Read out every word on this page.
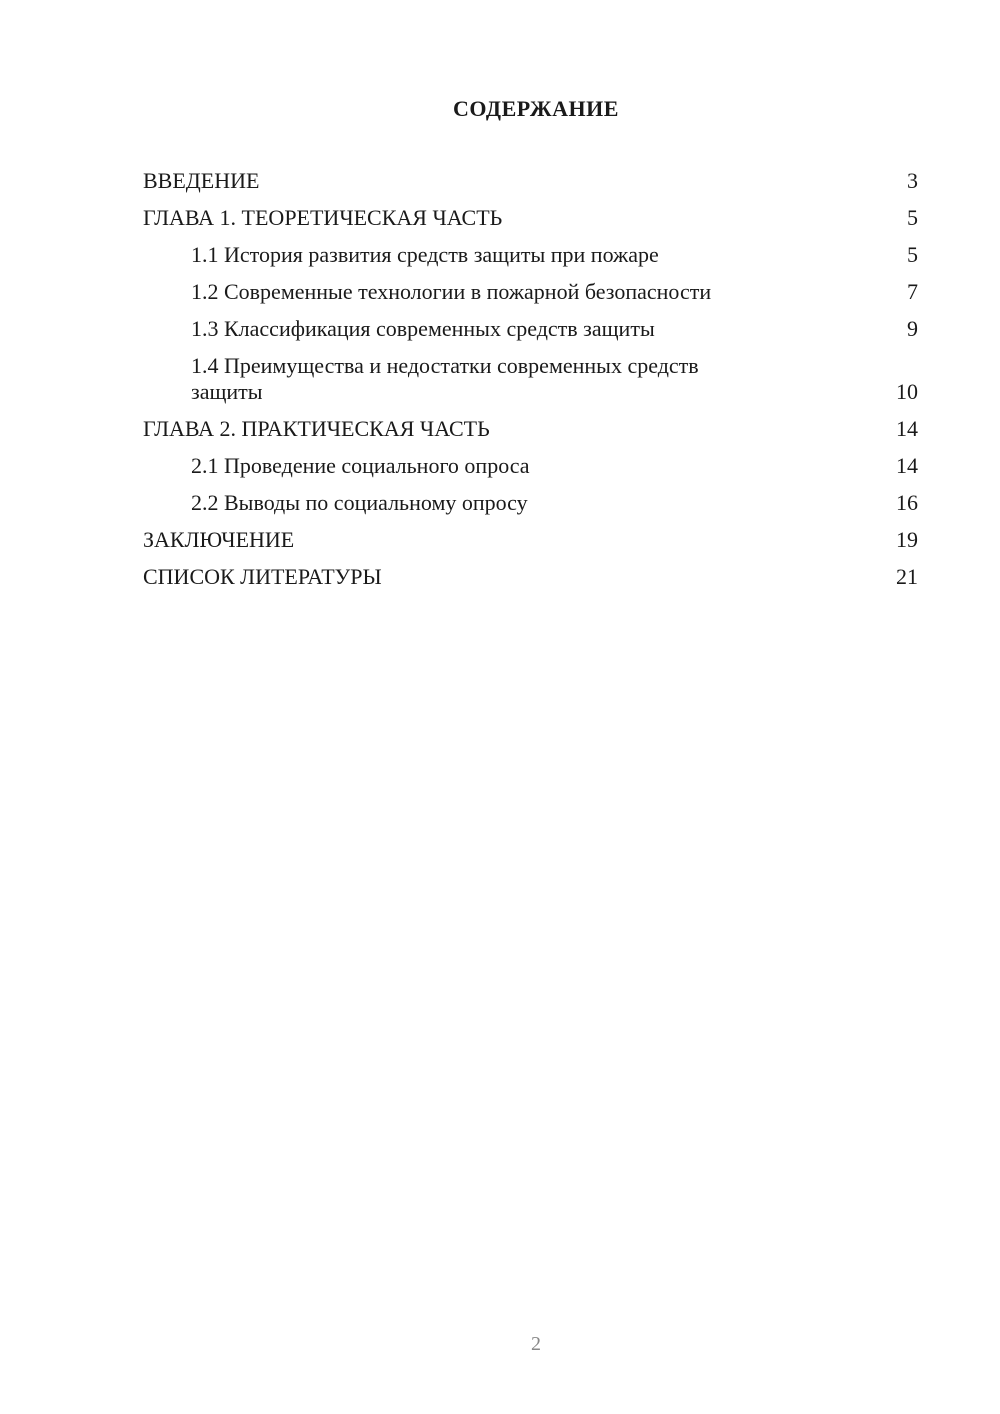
СОДЕРЖАНИЕ
ВВЕДЕНИЕ	3
ГЛАВА 1. ТЕОРЕТИЧЕСКАЯ ЧАСТЬ	5
1.1 История развития средств защиты при пожаре	5
1.2 Современные технологии в пожарной безопасности	7
1.3 Классификация современных средств защиты	9
1.4 Преимущества и недостатки современных средств защиты	10
ГЛАВА 2. ПРАКТИЧЕСКАЯ ЧАСТЬ	14
2.1 Проведение социального опроса	14
2.2 Выводы по социальному опросу	16
ЗАКЛЮЧЕНИЕ	19
СПИСОК ЛИТЕРАТУРЫ	21
2
